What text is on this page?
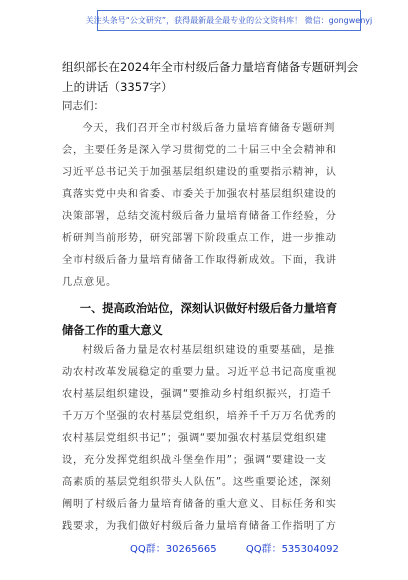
关注头条号“公文研究”，获得最新最全最专业的公文资料库！ 微信：gongwenyj
组织部长在2024年全市村级后备力量培育储备专题研判会
上的讲话（3357字）
同志们：

今天，我们召开全市村级后备力量培育储备专题研判
会，主要任务是深入学习贯彻党的二十届三中全会精神和
习近平总书记关于加强基层组织建设的重要指示精神，认
真落实党中央和省委、市委关于加强农村基层组织建设的
决策部署，总结交流村级后备力量培育储备工作经验，分
析研判当前形势，研究部署下阶段重点工作，进一步推动
全市村级后备力量培育储备工作取得新成效。下面，我讲
几点意见。

一、提高政治站位，深刻认识做好村级后备力量培育
储备工作的重大意义

村级后备力量是农村基层组织建设的重要基础，是推
动农村改革发展稳定的重要力量。习近平总书记高度重视
农村基层组织建设，强调“要推动乡村组织振兴，打造千
千万万个坚强的农村基层党组织，培养千千万万名优秀的
农村基层党组织书记”；强调“要加强农村基层党组织建
设，充分发挥党组织战斗堡垒作用”；强调“要建设一支
高素质的基层党组织带头人队伍”。这些重要论述，深刻
阐明了村级后备力量培育储备的重大意义、目标任务和实
践要求，为我们做好村级后备力量培育储备工作指明了方

QQ群：30265665	QQ群：535304092
